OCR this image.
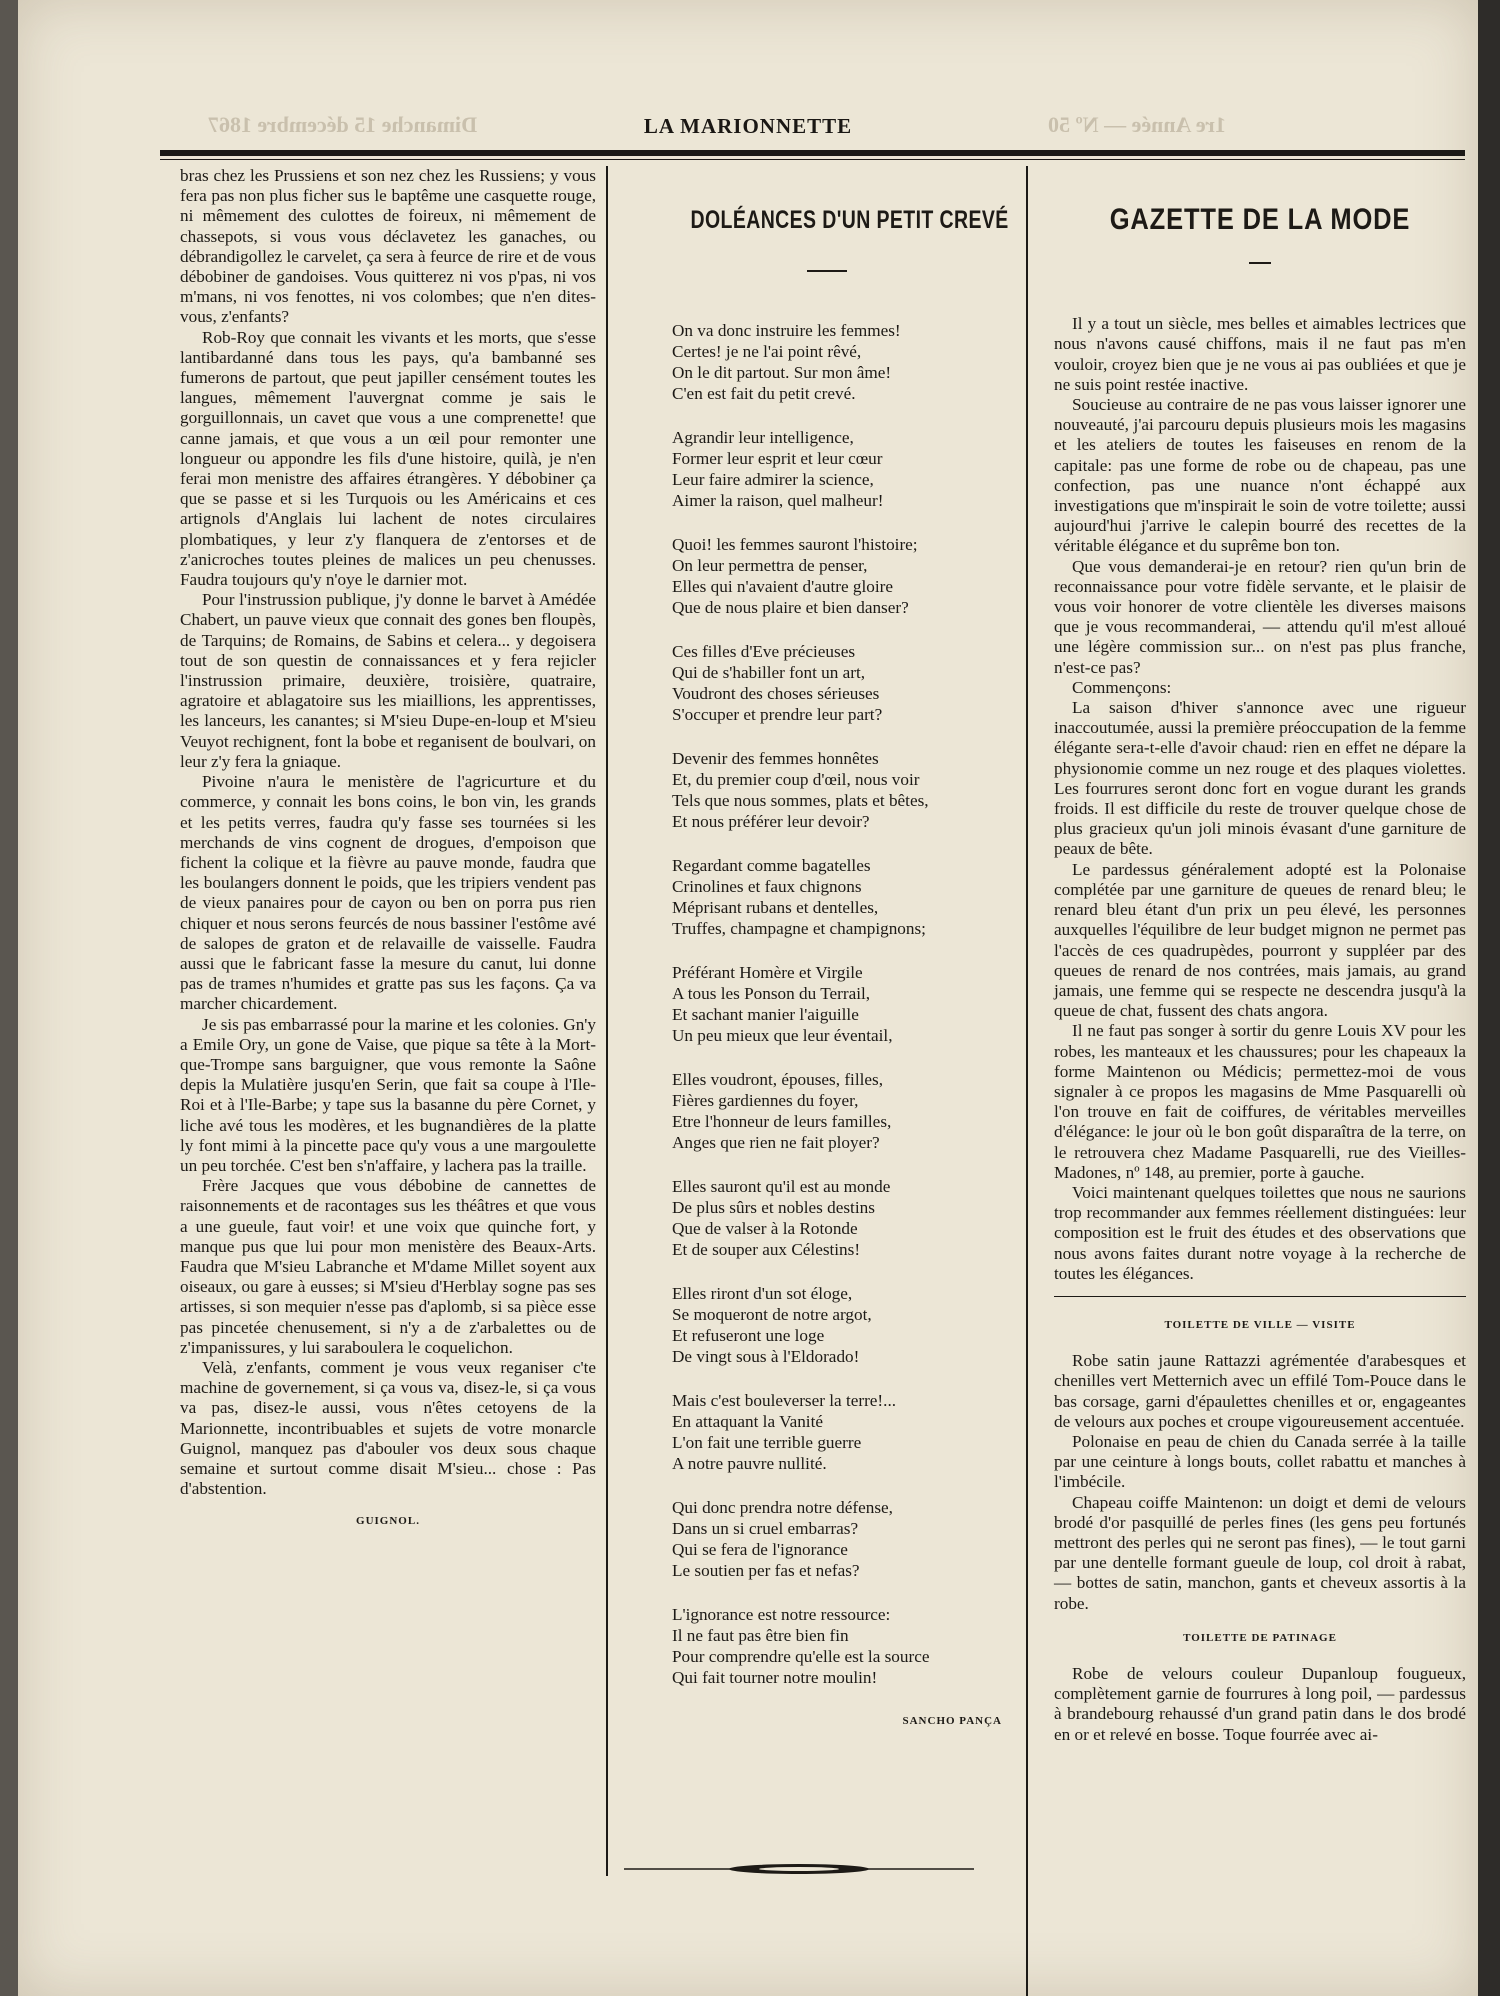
Dimanche 15 décembre 1867	1re Année — Nº 50
LA MARIONNETTE

bras chez les Prussiens et son nez chez les Russiens; y vous fera pas non plus ficher sus le baptême une casquette rouge, ni mêmement des culottes de foireux, ni mêmement de chassepots, si vous vous déclavetez les ganaches, ou débrandigollez le carvelet, ça sera à feurce de rire et de vous débobiner de gandoises. Vous quitterez ni vos p'pas, ni vos m'mans, ni vos fenottes, ni vos colombes; que n'en dites-vous, z'enfants?

Rob-Roy que connait les vivants et les morts, que s'esse lantibardanné dans tous les pays, qu'a bambanné ses fumerons de partout, que peut japiller censément toutes les langues, mêmement l'auvergnat comme je sais le gorguillonnais, un cavet que vous a une comprenette! que canne jamais, et que vous a un œil pour remonter une longueur ou appondre les fils d'une histoire, quilà, je n'en ferai mon menistre des affaires étrangères. Y débobiner ça que se passe et si les Turquois ou les Américains et ces artignols d'Anglais lui lachent de notes circulaires plombatiques, y leur z'y flanquera de z'entorses et de z'anicroches toutes pleines de malices un peu chenusses. Faudra toujours qu'y n'oye le darnier mot.

Pour l'instrussion publique, j'y donne le barvet à Amédée Chabert, un pauve vieux que connait des gones ben floupès, de Tarquins; de Romains, de Sabins et celera... y degoisera tout de son questin de connaissances et y fera rejicler l'instrussion primaire, deuxière, troisière, quatraire, agratoire et ablagatoire sus les miaillions, les apprentisses, les lanceurs, les canantes; si M'sieu Dupe-en-loup et M'sieu Veuyot rechignent, font la bobe et reganisent de boulvari, on leur z'y fera la gniaque.

Pivoine n'aura le menistère de l'agricurture et du commerce, y connait les bons coins, le bon vin, les grands et les petits verres, faudra qu'y fasse ses tournées si les merchands de vins cognent de drogues, d'empoison que fichent la colique et la fièvre au pauve monde, faudra que les boulangers donnent le poids, que les tripiers vendent pas de vieux panaires pour de cayon ou ben on porra pus rien chiquer et nous serons feurcés de nous bassiner l'estôme avé de salopes de graton et de relavaille de vaisselle. Faudra aussi que le fabricant fasse la mesure du canut, lui donne pas de trames n'humides et gratte pas sus les façons. Ça va marcher chicardement.

Je sis pas embarrassé pour la marine et les colonies. Gn'y a Emile Ory, un gone de Vaise, que pique sa tête à la Mort-que-Trompe sans barguigner, que vous remonte la Saône depis la Mulatière jusqu'en Serin, que fait sa coupe à l'Ile-Roi et à l'Ile-Barbe; y tape sus la basanne du père Cornet, y liche avé tous les modères, et les bugnandières de la platte ly font mimi à la pincette pace qu'y vous a une margoulette un peu torchée. C'est ben s'n'affaire, y lachera pas la traille.

Frère Jacques que vous débobine de cannettes de raisonnements et de racontages sus les théâtres et que vous a une gueule, faut voir! et une voix que quinche fort, y manque pus que lui pour mon menistère des Beaux-Arts. Faudra que M'sieu Labranche et M'dame Millet soyent aux oiseaux, ou gare à eusses; si M'sieu d'Herblay sogne pas ses artisses, si son mequier n'esse pas d'aplomb, si sa pièce esse pas pincetée chenusement, si n'y a de z'arbalettes ou de z'impanissures, y lui saraboulera le coquelichon.

Velà, z'enfants, comment je vous veux reganiser c'te machine de governement, si ça vous va, disez-le, si ça vous va pas, disez-le aussi, vous n'êtes cetoyens de la Marionnette, incontribuables et sujets de votre monarcle Guignol, manquez pas d'abouler vos deux sous chaque semaine et surtout comme disait M'sieu... chose : Pas d'abstention.

GUIGNOL.
DOLÉANCES D'UN PETIT CREVÉ
On va donc instruire les femmes!
Certes! je ne l'ai point rêvé,
On le dit partout. Sur mon âme!
C'en est fait du petit crevé.
Agrandir leur intelligence,
Former leur esprit et leur cœur
Leur faire admirer la science,
Aimer la raison, quel malheur!
Quoi! les femmes sauront l'histoire;
On leur permettra de penser,
Elles qui n'avaient d'autre gloire
Que de nous plaire et bien danser?
Ces filles d'Eve précieuses
Qui de s'habiller font un art,
Voudront des choses sérieuses
S'occuper et prendre leur part?
Devenir des femmes honnêtes
Et, du premier coup d'œil, nous voir
Tels que nous sommes, plats et bêtes,
Et nous préférer leur devoir?
Regardant comme bagatelles
Crinolines et faux chignons
Méprisant rubans et dentelles,
Truffes, champagne et champignons;
Préférant Homère et Virgile
A tous les Ponson du Terrail,
Et sachant manier l'aiguille
Un peu mieux que leur éventail,
Elles voudront, épouses, filles,
Fières gardiennes du foyer,
Etre l'honneur de leurs familles,
Anges que rien ne fait ployer?
Elles sauront qu'il est au monde
De plus sûrs et nobles destins
Que de valser à la Rotonde
Et de souper aux Célestins!
Elles riront d'un sot éloge,
Se moqueront de notre argot,
Et refuseront une loge
De vingt sous à l'Eldorado!
Mais c'est bouleverser la terre!...
En attaquant la Vanité
L'on fait une terrible guerre
A notre pauvre nullité.
Qui donc prendra notre défense,
Dans un si cruel embarras?
Qui se fera de l'ignorance
Le soutien per fas et nefas?
L'ignorance est notre ressource:
Il ne faut pas être bien fin
Pour comprendre qu'elle est la source
Qui fait tourner notre moulin!
SANCHO PANÇA
GAZETTE DE LA MODE

Il y a tout un siècle, mes belles et aimables lectrices que nous n'avons causé chiffons, mais il ne faut pas m'en vouloir, croyez bien que je ne vous ai pas oubliées et que je ne suis point restée inactive.

Soucieuse au contraire de ne pas vous laisser ignorer une nouveauté, j'ai parcouru depuis plusieurs mois les magasins et les ateliers de toutes les faiseuses en renom de la capitale: pas une forme de robe ou de chapeau, pas une confection, pas une nuance n'ont échappé aux investigations que m'inspirait le soin de votre toilette; aussi aujourd'hui j'arrive le calepin bourré des recettes de la véritable élégance et du suprême bon ton.

Que vous demanderai-je en retour? rien qu'un brin de reconnaissance pour votre fidèle servante, et le plaisir de vous voir honorer de votre clientèle les diverses maisons que je vous recommanderai, — attendu qu'il m'est alloué une légère commission sur... on n'est pas plus franche, n'est-ce pas?

Commençons:

La saison d'hiver s'annonce avec une rigueur inaccoutumée, aussi la première préoccupation de la femme élégante sera-t-elle d'avoir chaud: rien en effet ne dépare la physionomie comme un nez rouge et des plaques violettes. Les fourrures seront donc fort en vogue durant les grands froids. Il est difficile du reste de trouver quelque chose de plus gracieux qu'un joli minois évasant d'une garniture de peaux de bête.

Le pardessus généralement adopté est la Polonaise complétée par une garniture de queues de renard bleu; le renard bleu étant d'un prix un peu élevé, les personnes auxquelles l'équilibre de leur budget mignon ne permet pas l'accès de ces quadrupèdes, pourront y suppléer par des queues de renard de nos contrées, mais jamais, au grand jamais, une femme qui se respecte ne descendra jusqu'à la queue de chat, fussent des chats angora.

Il ne faut pas songer à sortir du genre Louis XV pour les robes, les manteaux et les chaussures; pour les chapeaux la forme Maintenon ou Médicis; permettez-moi de vous signaler à ce propos les magasins de Mme Pasquarelli où l'on trouve en fait de coiffures, de véritables merveilles d'élégance: le jour où le bon goût disparaîtra de la terre, on le retrouvera chez Madame Pasquarelli, rue des Vieilles-Madones, nº 148, au premier, porte à gauche.

Voici maintenant quelques toilettes que nous ne saurions trop recommander aux femmes réellement distinguées: leur composition est le fruit des études et des observations que nous avons faites durant notre voyage à la recherche de toutes les élégances.

TOILETTE DE VILLE — VISITE

Robe satin jaune Rattazzi agrémentée d'arabesques et chenilles vert Metternich avec un effilé Tom-Pouce dans le bas corsage, garni d'épaulettes chenilles et or, engageantes de velours aux poches et croupe vigoureusement accentuée.

Polonaise en peau de chien du Canada serrée à la taille par une ceinture à longs bouts, collet rabattu et manches à l'imbécile.

Chapeau coiffe Maintenon: un doigt et demi de velours brodé d'or pasquillé de perles fines (les gens peu fortunés mettront des perles qui ne seront pas fines), — le tout garni par une dentelle formant gueule de loup, col droit à rabat, — bottes de satin, manchon, gants et cheveux assortis à la robe.

TOILETTE DE PATINAGE

Robe de velours couleur Dupanloup fougueux, complètement garnie de fourrures à long poil, — pardessus à brandebourg rehaussé d'un grand patin dans le dos brodé en or et relevé en bosse. Toque fourrée avec ai-
